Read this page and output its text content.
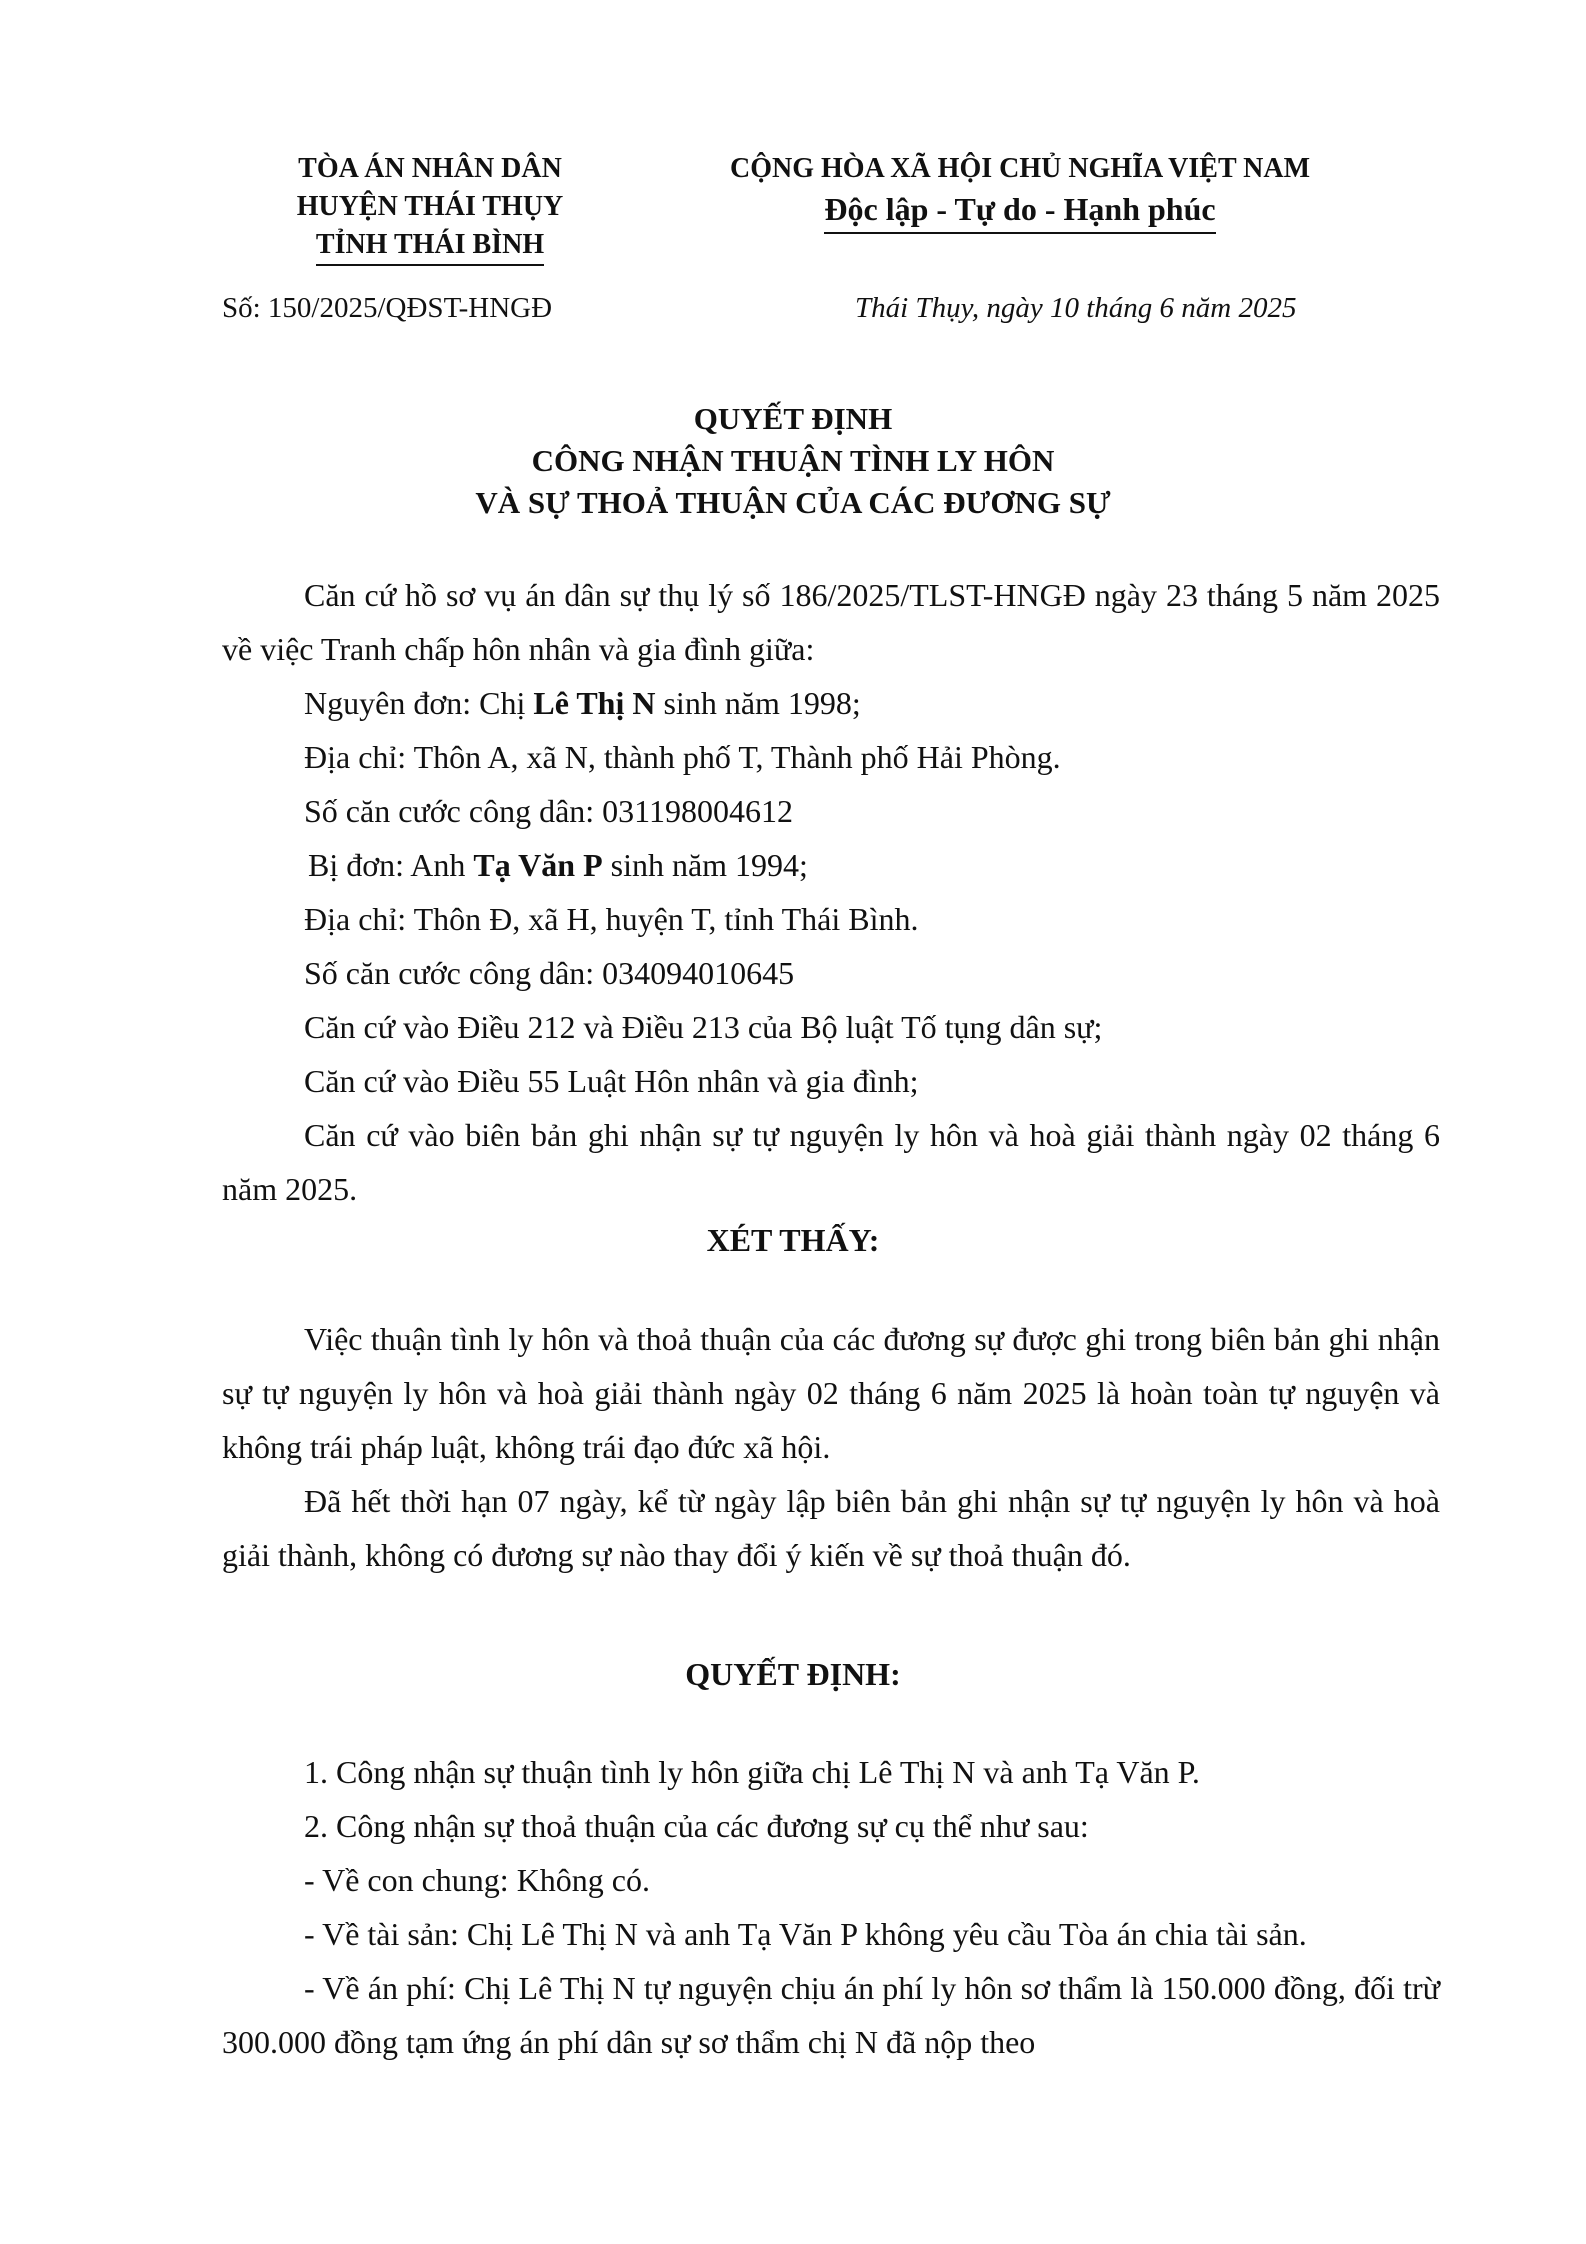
TÒA ÁN NHÂN DÂN
HUYỆN THÁI THỤY
TỈNH THÁI BÌNH
CỘNG HÒA XÃ HỘI CHỦ NGHĨA VIỆT NAM
Độc lập - Tự do - Hạnh phúc
Số: 150/2025/QĐST-HNGĐ	Thái Thụy, ngày 10 tháng 6 năm 2025
QUYẾT ĐỊNH
CÔNG NHẬN THUẬN TÌNH LY HÔN
VÀ SỰ THOẢ THUẬN CỦA CÁC ĐƯƠNG SỰ

Căn cứ hồ sơ vụ án dân sự thụ lý số 186/2025/TLST-HNGĐ ngày 23 tháng 5 năm 2025 về việc Tranh chấp hôn nhân và gia đình giữa:

Nguyên đơn: Chị Lê Thị N sinh năm 1998;

Địa chỉ: Thôn A, xã N, thành phố T, Thành phố Hải Phòng.

Số căn cước công dân: 031198004612

Bị đơn: Anh Tạ Văn P sinh năm 1994;

Địa chỉ: Thôn Đ, xã H, huyện T, tỉnh Thái Bình.

Số căn cước công dân: 034094010645

Căn cứ vào Điều 212 và Điều 213 của Bộ luật Tố tụng dân sự;

Căn cứ vào Điều 55 Luật Hôn nhân và gia đình;

Căn cứ vào biên bản ghi nhận sự tự nguyện ly hôn và hoà giải thành ngày 02 tháng 6 năm 2025.

XÉT THẤY:

Việc thuận tình ly hôn và thoả thuận của các đương sự được ghi trong biên bản ghi nhận sự tự nguyện ly hôn và hoà giải thành ngày 02 tháng 6 năm 2025 là hoàn toàn tự nguyện và không trái pháp luật, không trái đạo đức xã hội.

Đã hết thời hạn 07 ngày, kể từ ngày lập biên bản ghi nhận sự tự nguyện ly hôn và hoà giải thành, không có đương sự nào thay đổi ý kiến về sự thoả thuận đó.

QUYẾT ĐỊNH:

1. Công nhận sự thuận tình ly hôn giữa chị Lê Thị N và anh Tạ Văn P.

2. Công nhận sự thoả thuận của các đương sự cụ thể như sau:

- Về con chung: Không có.

- Về tài sản: Chị Lê Thị N và anh Tạ Văn P không yêu cầu Tòa án chia tài sản.

- Về án phí: Chị Lê Thị N tự nguyện chịu án phí ly hôn sơ thẩm là 150.000 đồng, đối trừ 300.000 đồng tạm ứng án phí dân sự sơ thẩm chị N đã nộp theo
